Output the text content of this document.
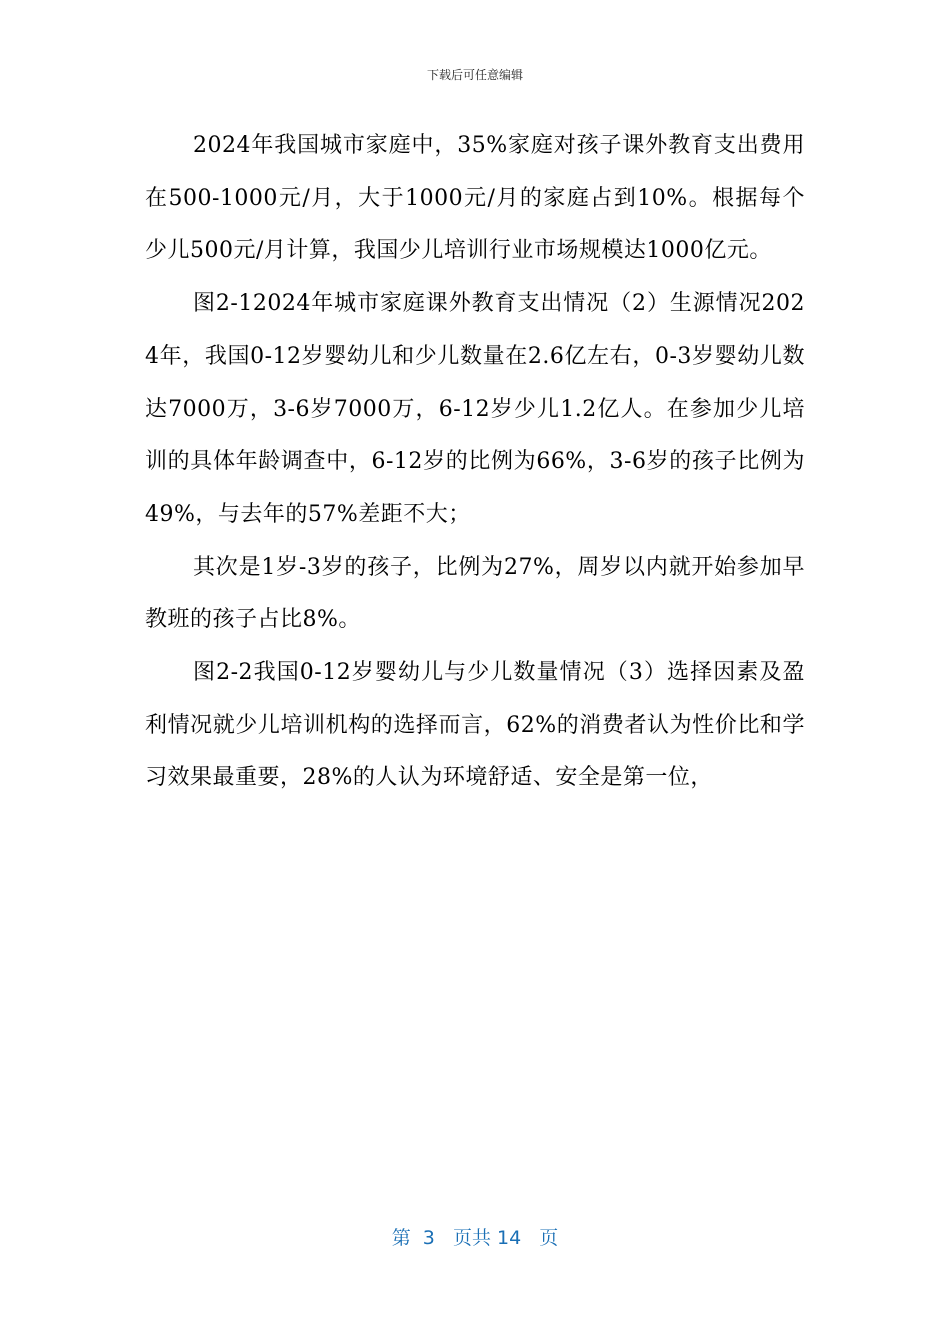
下载后可任意编辑

2024年我国城市家庭中，35%家庭对孩子课外教育支出费用在500-1000元/月，大于1000元/月的家庭占到10%。根据每个少儿500元/月计算，我国少儿培训行业市场规模达1000亿元。

图2-12024年城市家庭课外教育支出情况（2）生源情况2024年，我国0-12岁婴幼儿和少儿数量在2.6亿左右，0-3岁婴幼儿数达7000万，3-6岁7000万，6-12岁少儿1.2亿人。在参加少儿培训的具体年龄调查中，6-12岁的比例为66%，3-6岁的孩子比例为49%，与去年的57%差距不大；

其次是1岁-3岁的孩子，比例为27%，周岁以内就开始参加早教班的孩子占比8%。

图2-2我国0-12岁婴幼儿与少儿数量情况（3）选择因素及盈利情况就少儿培训机构的选择而言，62%的消费者认为性价比和学习效果最重要，28%的人认为环境舒适、安全是第一位，

第  3   页共 14   页
